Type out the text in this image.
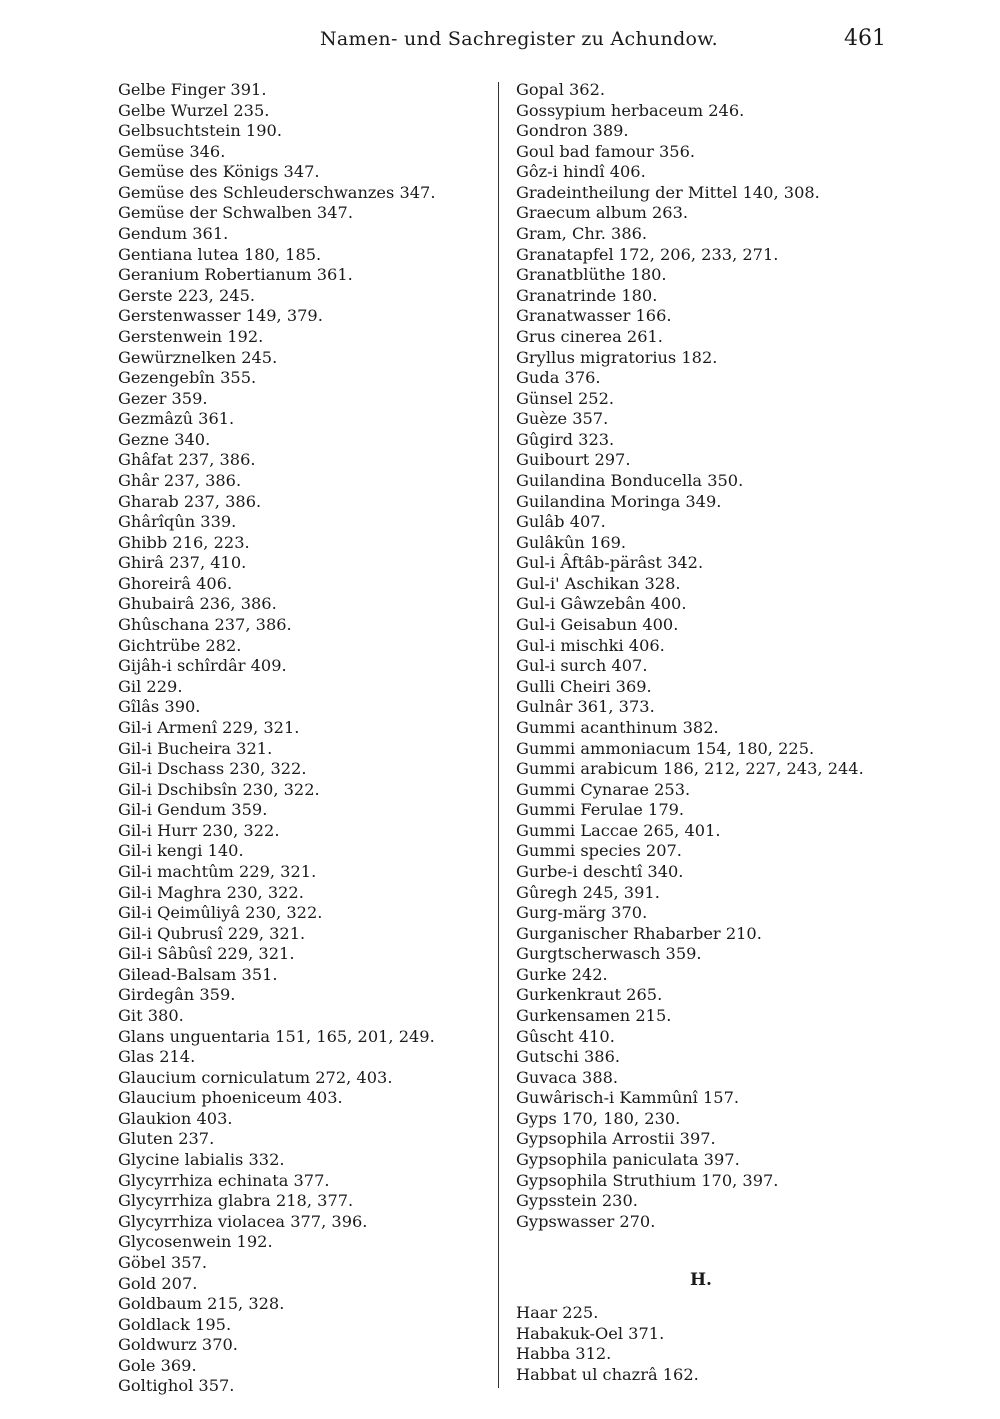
Namen- und Sachregister zu Achundow.	461
Gelbe Finger 391.
Gelbe Wurzel 235.
Gelbsuchtstein 190.
Gemüse 346.
Gemüse des Königs 347.
Gemüse des Schleuderschwanzes 347.
Gemüse der Schwalben 347.
Gendum 361.
Gentiana lutea 180, 185.
Geranium Robertianum 361.
Gerste 223, 245.
Gerstenwasser 149, 379.
Gerstenwein 192.
Gewürznelken 245.
Gezengebîn 355.
Gezer 359.
Gezmâzû 361.
Gezne 340.
Ghâfat 237, 386.
Ghâr 237, 386.
Gharab 237, 386.
Ghârîqûn 339.
Ghibb 216, 223.
Ghirâ 237, 410.
Ghoreirâ 406.
Ghubairâ 236, 386.
Ghûschana 237, 386.
Gichtrübe 282.
Gijâh-i schîrdâr 409.
Gil 229.
Gîlâs 390.
Gil-i Armenî 229, 321.
Gil-i Bucheira 321.
Gil-i Dschass 230, 322.
Gil-i Dschibsîn 230, 322.
Gil-i Gendum 359.
Gil-i Hurr 230, 322.
Gil-i kengi 140.
Gil-i machtûm 229, 321.
Gil-i Maghra 230, 322.
Gil-i Qeimûliyâ 230, 322.
Gil-i Qubrusî 229, 321.
Gil-i Sâbûsî 229, 321.
Gilead-Balsam 351.
Girdegân 359.
Git 380.
Glans unguentaria 151, 165, 201, 249.
Glas 214.
Glaucium corniculatum 272, 403.
Glaucium phoeniceum 403.
Glaukion 403.
Gluten 237.
Glycine labialis 332.
Glycyrrhiza echinata 377.
Glycyrrhiza glabra 218, 377.
Glycyrrhiza violacea 377, 396.
Glycosenwein 192.
Göbel 357.
Gold 207.
Goldbaum 215, 328.
Goldlack 195.
Goldwurz 370.
Gole 369.
Goltighol 357.
Gopal 362.
Gossypium herbaceum 246.
Gondron 389.
Goul bad famour 356.
Gôz-i hindî 406.
Gradeintheilung der Mittel 140, 308.
Graecum album 263.
Gram, Chr. 386.
Granatapfel 172, 206, 233, 271.
Granatblüthe 180.
Granatrinde 180.
Granatwasser 166.
Grus cinerea 261.
Gryllus migratorius 182.
Guda 376.
Günsel 252.
Guèze 357.
Gûgird 323.
Guibourt 297.
Guilandina Bonducella 350.
Guilandina Moringa 349.
Gulâb 407.
Gulâkûn 169.
Gul-i Âftâb-pärâst 342.
Gul-i' Aschikan 328.
Gul-i Gâwzebân 400.
Gul-i Geisabun 400.
Gul-i mischki 406.
Gul-i surch 407.
Gulli Cheiri 369.
Gulnâr 361, 373.
Gummi acanthinum 382.
Gummi ammoniacum 154, 180, 225.
Gummi arabicum 186, 212, 227, 243, 244.
Gummi Cynarae 253.
Gummi Ferulae 179.
Gummi Laccae 265, 401.
Gummi species 207.
Gurbe-i deschtî 340.
Gûregh 245, 391.
Gurg-märg 370.
Gurganischer Rhabarber 210.
Gurgtscherwasch 359.
Gurke 242.
Gurkenkraut 265.
Gurkensamen 215.
Gûscht 410.
Gutschi 386.
Guvaca 388.
Guwârisch-i Kammûnî 157.
Gyps 170, 180, 230.
Gypsophila Arrostii 397.
Gypsophila paniculata 397.
Gypsophila Struthium 170, 397.
Gypsstein 230.
Gypswasser 270.
H.
Haar 225.
Habakuk-Oel 371.
Habba 312.
Habbat ul chazrâ 162.
